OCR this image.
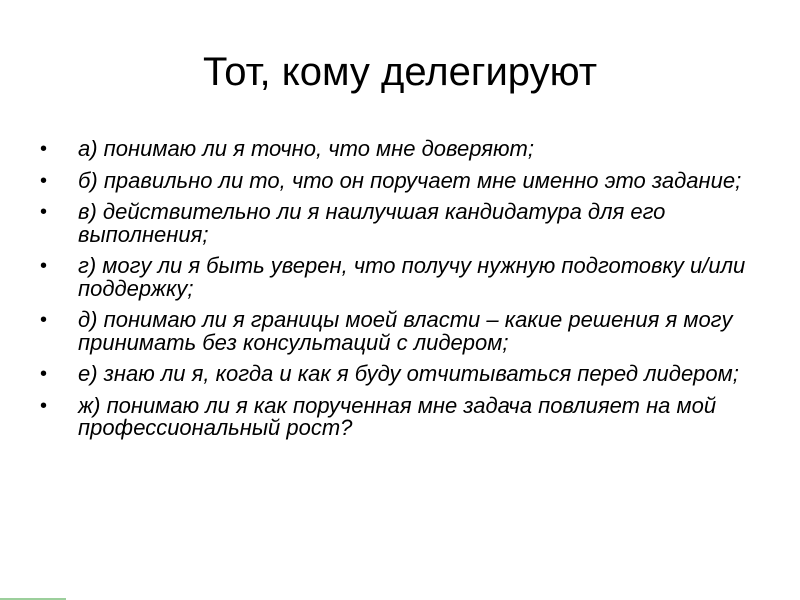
Тот, кому делегируют
• а) понимаю ли я точно, что мне доверяют;
• б) правильно ли то, что он поручает мне именно это задание;
• в) действительно ли я наилучшая кандидатура для его выполнения;
• г) могу ли я быть уверен, что получу нужную подготовку и/или поддержку;
• д) понимаю ли я границы моей власти – какие решения я могу принимать без консультаций с лидером;
• е) знаю ли я, когда и как я буду отчитываться перед лидером;
• ж) понимаю ли я как порученная мне задача повлияет на мой профессиональный рост?
